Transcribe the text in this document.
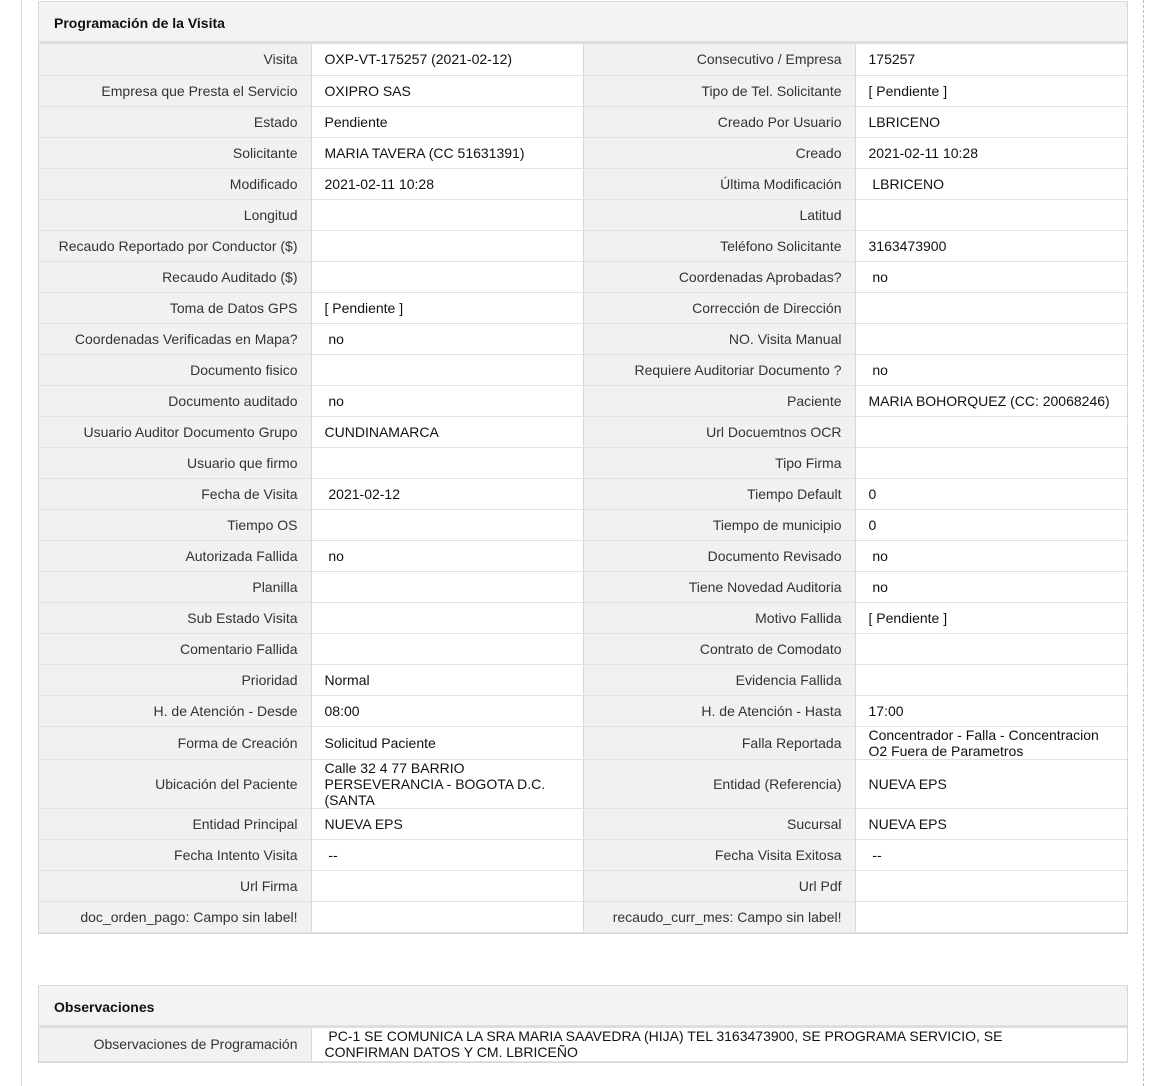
Programación de la Visita
Visita	OXP-VT-175257 (2021-02-12)	Consecutivo / Empresa	175257
Empresa que Presta el Servicio	OXIPRO SAS	Tipo de Tel. Solicitante	[ Pendiente ]
Estado	Pendiente	Creado Por Usuario	LBRICENO
Solicitante	MARIA TAVERA (CC 51631391)	Creado	2021-02-11 10:28
Modificado	2021-02-11 10:28	Última Modificación	LBRICENO
Longitud		Latitud	
Recaudo Reportado por Conductor ($)		Teléfono Solicitante	3163473900
Recaudo Auditado ($)		Coordenadas Aprobadas?	no
Toma de Datos GPS	[ Pendiente ]	Corrección de Dirección	
Coordenadas Verificadas en Mapa?	no	NO. Visita Manual	
Documento fisico		Requiere Auditoriar Documento ?	no
Documento auditado	no	Paciente	MARIA BOHORQUEZ (CC: 20068246)
Usuario Auditor Documento Grupo	CUNDINAMARCA	Url Docuemtnos OCR	
Usuario que firmo		Tipo Firma	
Fecha de Visita	2021-02-12	Tiempo Default	0
Tiempo OS		Tiempo de municipio	0
Autorizada Fallida	no	Documento Revisado	no
Planilla		Tiene Novedad Auditoria	no
Sub Estado Visita		Motivo Fallida	[ Pendiente ]
Comentario Fallida		Contrato de Comodato	
Prioridad	Normal	Evidencia Fallida	
H. de Atención - Desde	08:00	H. de Atención - Hasta	17:00
Forma de Creación	Solicitud Paciente	Falla Reportada	Concentrador - Falla - Concentracion O2 Fuera de Parametros
Ubicación del Paciente	Calle 32 4 77 BARRIO PERSEVERANCIA - BOGOTA D.C. (SANTA	Entidad (Referencia)	NUEVA EPS
Entidad Principal	NUEVA EPS	Sucursal	NUEVA EPS
Fecha Intento Visita	--	Fecha Visita Exitosa	--
Url Firma		Url Pdf	
doc_orden_pago: Campo sin label!		recaudo_curr_mes: Campo sin label!	
Observaciones
Observaciones de Programación	PC-1 SE COMUNICA LA SRA MARIA SAAVEDRA (HIJA) TEL 3163473900, SE PROGRAMA SERVICIO, SE CONFIRMAN DATOS Y CM. LBRICEÑO
